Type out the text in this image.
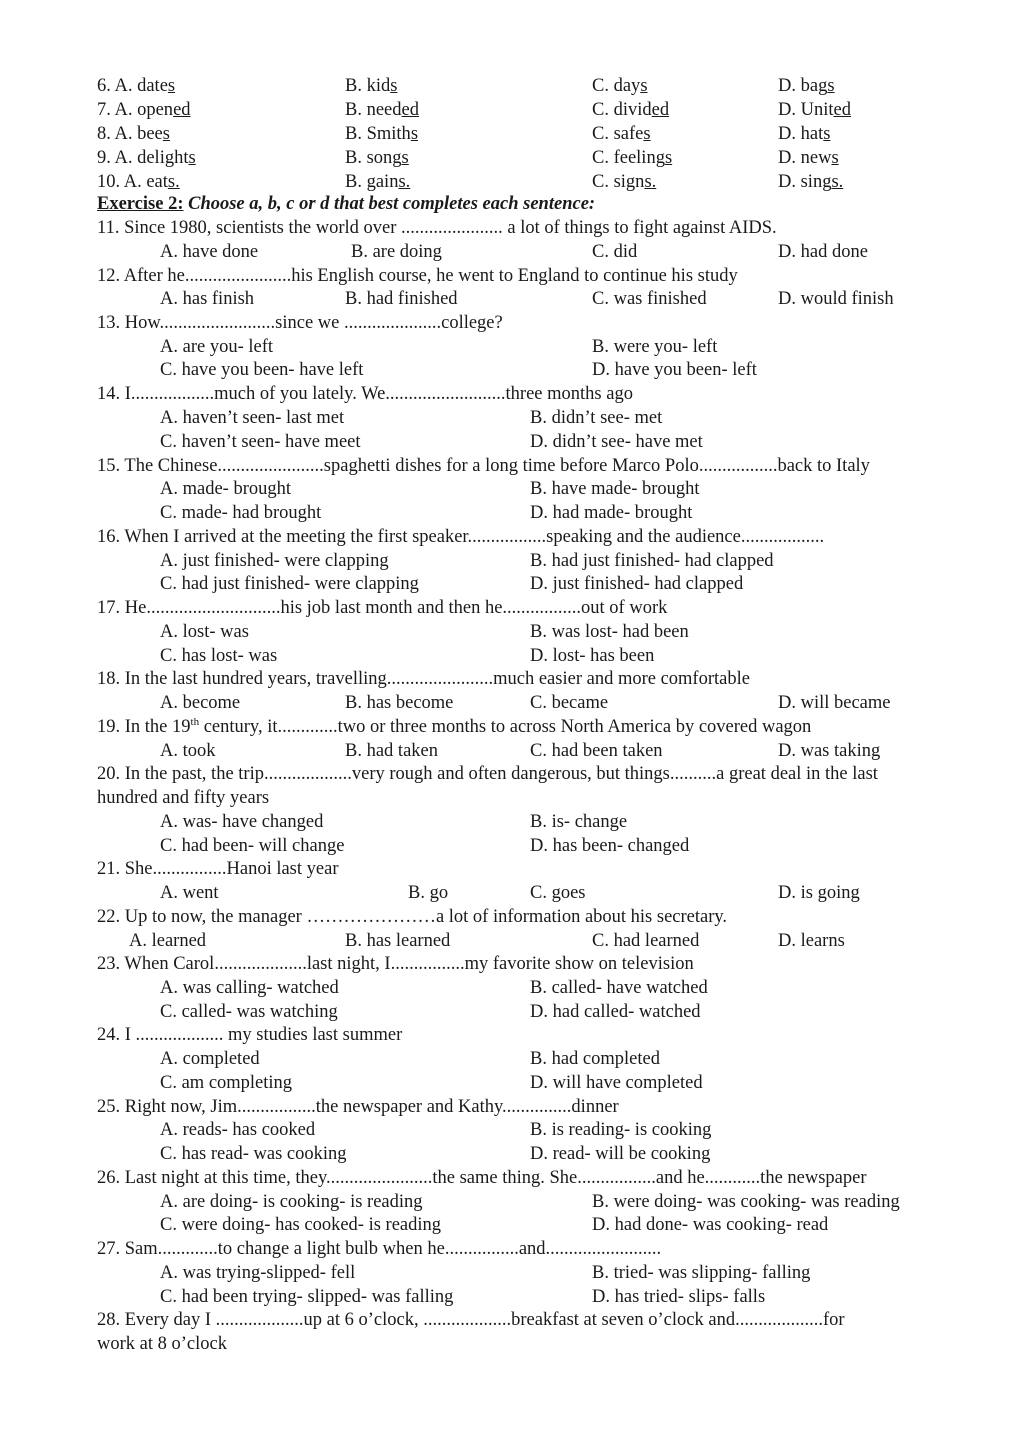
6. A. dates	B. kids	C. days	D. bags
7. A. opened	B. needed	C. divided	D. United
8. A. bees	B. Smiths	C. safes	D. hats
9. A. delights	B. songs	C. feelings	D. news
10. A. eats.	B. gains.	C. signs.	D. sings.
Exercise 2: Choose a, b, c or d that best completes each sentence:
11. Since 1980, scientists the world over ...................... a lot of things to fight against AIDS.
A. have done	B. are doing	C. did	D. had done
12. After he.......................his English course, he went to England to continue his study
A. has finish	B. had finished	C. was finished	D. would finish
13. How.........................since we .....................college?
A. are you- left	B. were you- left
C. have you been- have left	D. have you been- left
14. I..................much of you lately. We..........................three months ago
A. haven’t seen- last met	B. didn’t see- met
C. haven’t seen- have meet	D. didn’t see- have met
15. The Chinese.......................spaghetti dishes for a long time before Marco Polo.................back to Italy
A. made- brought	B. have made- brought
C. made- had brought	D. had made- brought
16. When I arrived at the meeting the first speaker.................speaking and the audience..................
A. just finished- were clapping	B. had just finished- had clapped
C. had just finished- were clapping	D. just finished- had clapped
17. He.............................his job last month and then he.................out of work
A. lost- was	B. was lost- had been
C. has lost- was	D. lost- has been
18. In the last hundred years, travelling.......................much easier and more comfortable
A. become	B. has become	C. became	D. will became
19. In the 19th century, it.............two or three months to across North America by covered wagon
A. took	B. had taken	C. had been taken	D. was taking
20. In the past, the trip...................very rough and often dangerous, but things..........a great deal in the last
hundred and fifty years
A. was- have changed	B. is- change
C. had been- will change	D. has been- changed
21. She................Hanoi last year
A. went	B. go	C. goes	D. is going
22. Up to now, the manager …………………a lot of information about his secretary.
A. learned	B. has learned	C. had learned	D. learns
23. When Carol....................last night, I................my favorite show on television
A. was calling- watched	B. called- have watched
C. called- was watching	D. had called- watched
24. I ................... my studies last summer
A. completed	B. had completed
C. am completing	D. will have completed
25. Right now, Jim.................the newspaper and Kathy...............dinner
A. reads- has cooked	B. is reading- is cooking
C. has read- was cooking	D. read- will be cooking
26. Last night at this time, they.......................the same thing. She.................and he............the newspaper
A. are doing- is cooking- is reading	B. were doing- was cooking- was reading
C. were doing- has cooked- is reading	D. had done- was cooking- read
27. Sam.............to change a light bulb when he................and.........................
A. was trying-slipped- fell	B. tried- was slipping- falling
C. had been trying- slipped- was falling	D. has tried- slips- falls
28. Every day I ...................up at 6 o’clock, ...................breakfast at seven o’clock and...................for
work at 8 o’clock
